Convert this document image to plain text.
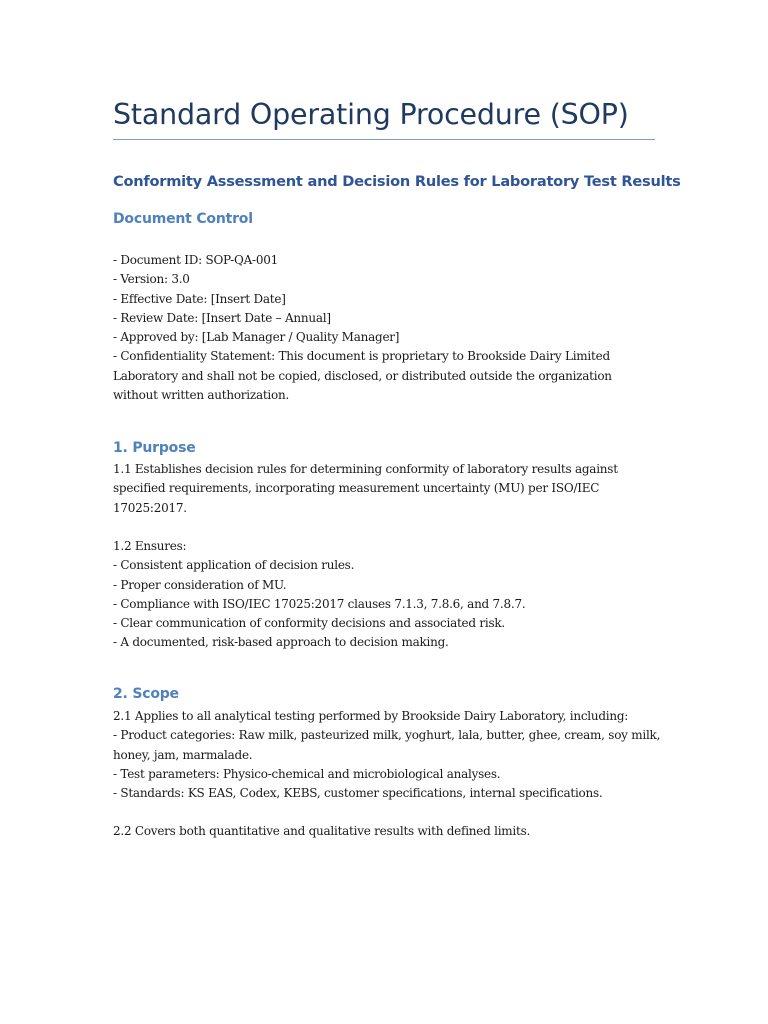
Standard Operating Procedure (SOP)
Conformity Assessment and Decision Rules for Laboratory Test Results
Document Control
- Document ID: SOP-QA-001
- Version: 3.0
- Effective Date: [Insert Date]
- Review Date: [Insert Date – Annual]
- Approved by: [Lab Manager / Quality Manager]
- Confidentiality Statement: This document is proprietary to Brookside Dairy Limited
Laboratory and shall not be copied, disclosed, or distributed outside the organization
without written authorization.
1. Purpose
1.1 Establishes decision rules for determining conformity of laboratory results against
specified requirements, incorporating measurement uncertainty (MU) per ISO/IEC
17025:2017.
1.2 Ensures:
- Consistent application of decision rules.
- Proper consideration of MU.
- Compliance with ISO/IEC 17025:2017 clauses 7.1.3, 7.8.6, and 7.8.7.
- Clear communication of conformity decisions and associated risk.
- A documented, risk-based approach to decision making.
2. Scope
2.1 Applies to all analytical testing performed by Brookside Dairy Laboratory, including:
- Product categories: Raw milk, pasteurized milk, yoghurt, lala, butter, ghee, cream, soy milk,
honey, jam, marmalade.
- Test parameters: Physico-chemical and microbiological analyses.
- Standards: KS EAS, Codex, KEBS, customer specifications, internal specifications.
2.2 Covers both quantitative and qualitative results with defined limits.
